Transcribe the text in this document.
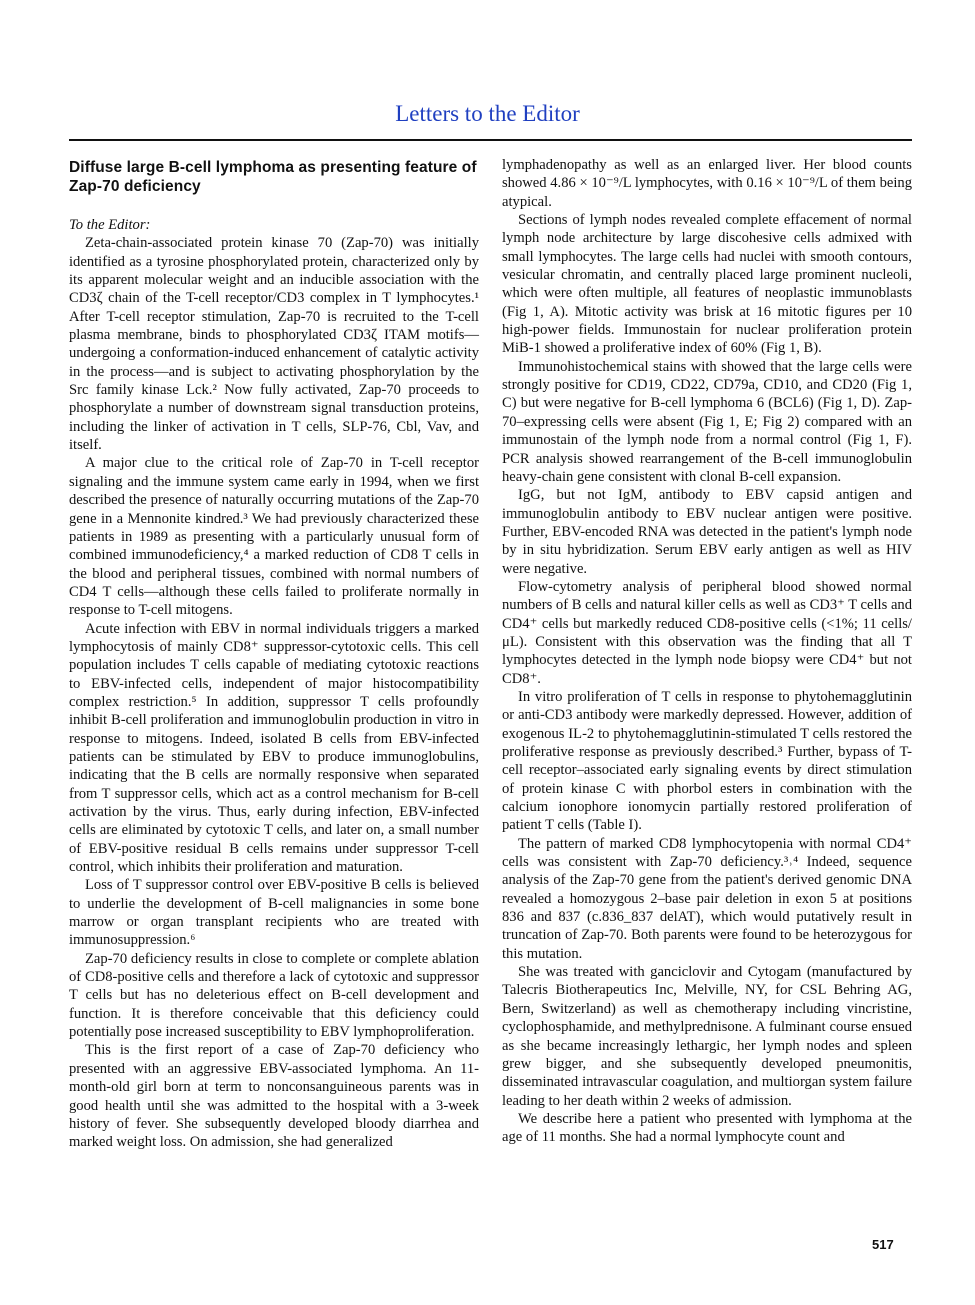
Letters to the Editor
Diffuse large B-cell lymphoma as presenting feature of Zap-70 deficiency

To the Editor:

Zeta-chain-associated protein kinase 70 (Zap-70) was initially identified as a tyrosine phosphorylated protein, characterized only by its apparent molecular weight and an inducible association with the CD3ζ chain of the T-cell receptor/CD3 complex in T lymphocytes.¹ After T-cell receptor stimulation, Zap-70 is recruited to the T-cell plasma membrane, binds to phosphorylated CD3ζ ITAM motifs—undergoing a conformation-induced enhancement of catalytic activity in the process—and is subject to activating phosphorylation by the Src family kinase Lck.² Now fully activated, Zap-70 proceeds to phosphorylate a number of downstream signal transduction proteins, including the linker of activation in T cells, SLP-76, Cbl, Vav, and itself.

A major clue to the critical role of Zap-70 in T-cell receptor signaling and the immune system came early in 1994, when we first described the presence of naturally occurring mutations of the Zap-70 gene in a Mennonite kindred.³ We had previously characterized these patients in 1989 as presenting with a particularly unusual form of combined immunodeficiency,⁴ a marked reduction of CD8 T cells in the blood and peripheral tissues, combined with normal numbers of CD4 T cells—although these cells failed to proliferate normally in response to T-cell mitogens.

Acute infection with EBV in normal individuals triggers a marked lymphocytosis of mainly CD8⁺ suppressor-cytotoxic cells. This cell population includes T cells capable of mediating cytotoxic reactions to EBV-infected cells, independent of major histocompatibility complex restriction.⁵ In addition, suppressor T cells profoundly inhibit B-cell proliferation and immunoglobulin production in vitro in response to mitogens. Indeed, isolated B cells from EBV-infected patients can be stimulated by EBV to produce immunoglobulins, indicating that the B cells are normally responsive when separated from T suppressor cells, which act as a control mechanism for B-cell activation by the virus. Thus, early during infection, EBV-infected cells are eliminated by cytotoxic T cells, and later on, a small number of EBV-positive residual B cells remains under suppressor T-cell control, which inhibits their proliferation and maturation.

Loss of T suppressor control over EBV-positive B cells is believed to underlie the development of B-cell malignancies in some bone marrow or organ transplant recipients who are treated with immunosuppression.⁶

Zap-70 deficiency results in close to complete or complete ablation of CD8-positive cells and therefore a lack of cytotoxic and suppressor T cells but has no deleterious effect on B-cell development and function. It is therefore conceivable that this deficiency could potentially pose increased susceptibility to EBV lymphoproliferation.

This is the first report of a case of Zap-70 deficiency who presented with an aggressive EBV-associated lymphoma. An 11-month-old girl born at term to nonconsanguineous parents was in good health until she was admitted to the hospital with a 3-week history of fever. She subsequently developed bloody diarrhea and marked weight loss. On admission, she had generalized

lymphadenopathy as well as an enlarged liver. Her blood counts showed 4.86 × 10⁻⁹/L lymphocytes, with 0.16 × 10⁻⁹/L of them being atypical.

Sections of lymph nodes revealed complete effacement of normal lymph node architecture by large discohesive cells admixed with small lymphocytes. The large cells had nuclei with smooth contours, vesicular chromatin, and centrally placed large prominent nucleoli, which were often multiple, all features of neoplastic immunoblasts (Fig 1, A). Mitotic activity was brisk at 16 mitotic figures per 10 high-power fields. Immunostain for nuclear proliferation protein MiB-1 showed a proliferative index of 60% (Fig 1, B).

Immunohistochemical stains with showed that the large cells were strongly positive for CD19, CD22, CD79a, CD10, and CD20 (Fig 1, C) but were negative for B-cell lymphoma 6 (BCL6) (Fig 1, D). Zap-70–expressing cells were absent (Fig 1, E; Fig 2) compared with an immunostain of the lymph node from a normal control (Fig 1, F). PCR analysis showed rearrangement of the B-cell immunoglobulin heavy-chain gene consistent with clonal B-cell expansion.

IgG, but not IgM, antibody to EBV capsid antigen and immunoglobulin antibody to EBV nuclear antigen were positive. Further, EBV-encoded RNA was detected in the patient's lymph node by in situ hybridization. Serum EBV early antigen as well as HIV were negative.

Flow-cytometry analysis of peripheral blood showed normal numbers of B cells and natural killer cells as well as CD3⁺ T cells and CD4⁺ cells but markedly reduced CD8-positive cells (<1%; 11 cells/μL). Consistent with this observation was the finding that all T lymphocytes detected in the lymph node biopsy were CD4⁺ but not CD8⁺.

In vitro proliferation of T cells in response to phytohemagglutinin or anti-CD3 antibody were markedly depressed. However, addition of exogenous IL-2 to phytohemagglutinin-stimulated T cells restored the proliferative response as previously described.³ Further, bypass of T-cell receptor–associated early signaling events by direct stimulation of protein kinase C with phorbol esters in combination with the calcium ionophore ionomycin partially restored proliferation of patient T cells (Table I).

The pattern of marked CD8 lymphocytopenia with normal CD4⁺ cells was consistent with Zap-70 deficiency.³˒⁴ Indeed, sequence analysis of the Zap-70 gene from the patient's derived genomic DNA revealed a homozygous 2–base pair deletion in exon 5 at positions 836 and 837 (c.836_837 delAT), which would putatively result in truncation of Zap-70. Both parents were found to be heterozygous for this mutation.

She was treated with ganciclovir and Cytogam (manufactured by Talecris Biotherapeutics Inc, Melville, NY, for CSL Behring AG, Bern, Switzerland) as well as chemotherapy including vincristine, cyclophosphamide, and methylprednisone. A fulminant course ensued as she became increasingly lethargic, her lymph nodes and spleen grew bigger, and she subsequently developed pneumonitis, disseminated intravascular coagulation, and multiorgan system failure leading to her death within 2 weeks of admission.

We describe here a patient who presented with lymphoma at the age of 11 months. She had a normal lymphocyte count and

517
